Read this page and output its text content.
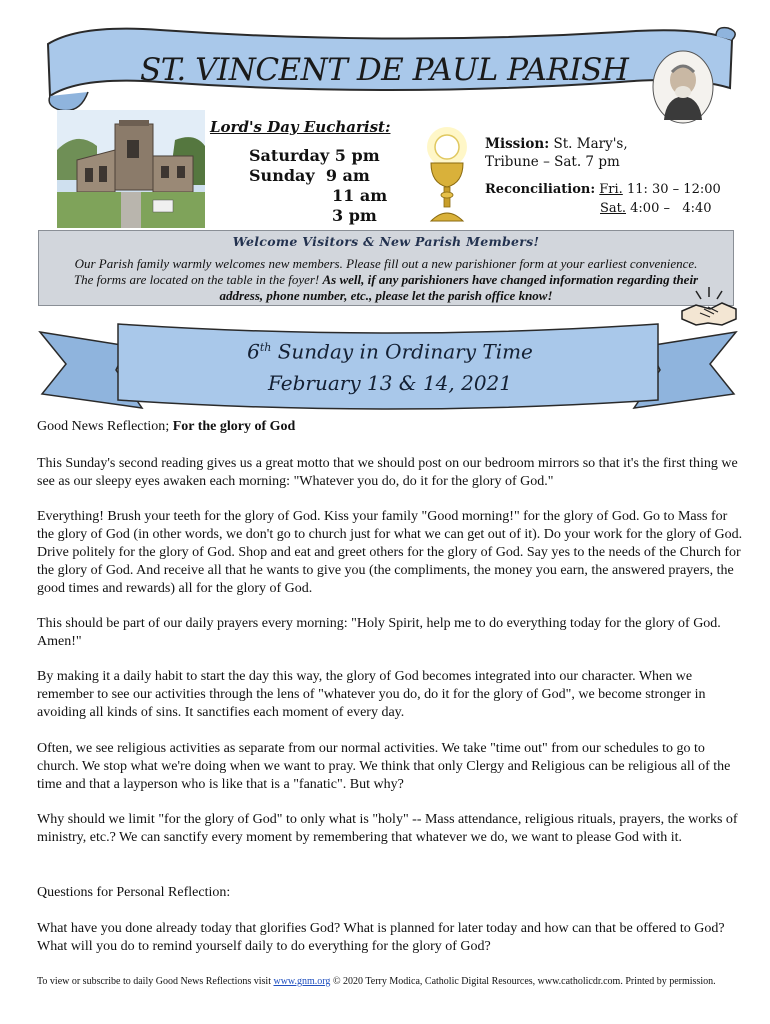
ST. VINCENT DE PAUL PARISH
Lord's Day Eucharist:
Saturday 5 pm
Sunday  9 am
11 am
3 pm
Mission: St. Mary's,
Tribune – Sat. 7 pm
Reconciliation: Fri. 11: 30 – 12:00
Sat. 4:00 –   4:40
Welcome Visitors & New Parish Members!
Our Parish family warmly welcomes new members. Please fill out a new parishioner form at your earliest convenience.
The forms are located on the table in the foyer! As well, if any parishioners have changed information regarding their
address, phone number, etc., please let the parish office know!
6th Sunday in Ordinary Time
February 13 & 14, 2021
Good News Reflection; For the glory of God

This Sunday's second reading gives us a great motto that we should post on our bedroom mirrors so that it's the first thing we see as our sleepy eyes awaken each morning: "Whatever you do, do it for the glory of God."

Everything! Brush your teeth for the glory of God. Kiss your family "Good morning!" for the glory of God. Go to Mass for the glory of God (in other words, we don't go to church just for what we can get out of it). Do your work for the glory of God. Drive politely for the glory of God. Shop and eat and greet others for the glory of God. Say yes to the needs of the Church for the glory of God. And receive all that he wants to give you (the compliments, the money you earn, the answered prayers, the good times and rewards) all for the glory of God.

This should be part of our daily prayers every morning: "Holy Spirit, help me to do everything today for the glory of God. Amen!"

By making it a daily habit to start the day this way, the glory of God becomes integrated into our character. When we remember to see our activities through the lens of "whatever you do, do it for the glory of God", we become stronger in avoiding all kinds of sins. It sanctifies each moment of every day.

Often, we see religious activities as separate from our normal activities. We take "time out" from our schedules to go to church. We stop what we're doing when we want to pray. We think that only Clergy and Religious can be religious all of the time and that a layperson who is like that is a "fanatic". But why?

Why should we limit "for the glory of God" to only what is "holy" -- Mass attendance, religious rituals, prayers, the works of ministry, etc.? We can sanctify every moment by remembering that whatever we do, we want to please God with it.

Questions for Personal Reflection:

What have you done already today that glorifies God? What is planned for later today and how can that be offered to God? What will you do to remind yourself daily to do everything for the glory of God?

To view or subscribe to daily Good News Reflections visit www.gnm.org © 2020 Terry Modica, Catholic Digital Resources, www.catholicdr.com. Printed by permission.
